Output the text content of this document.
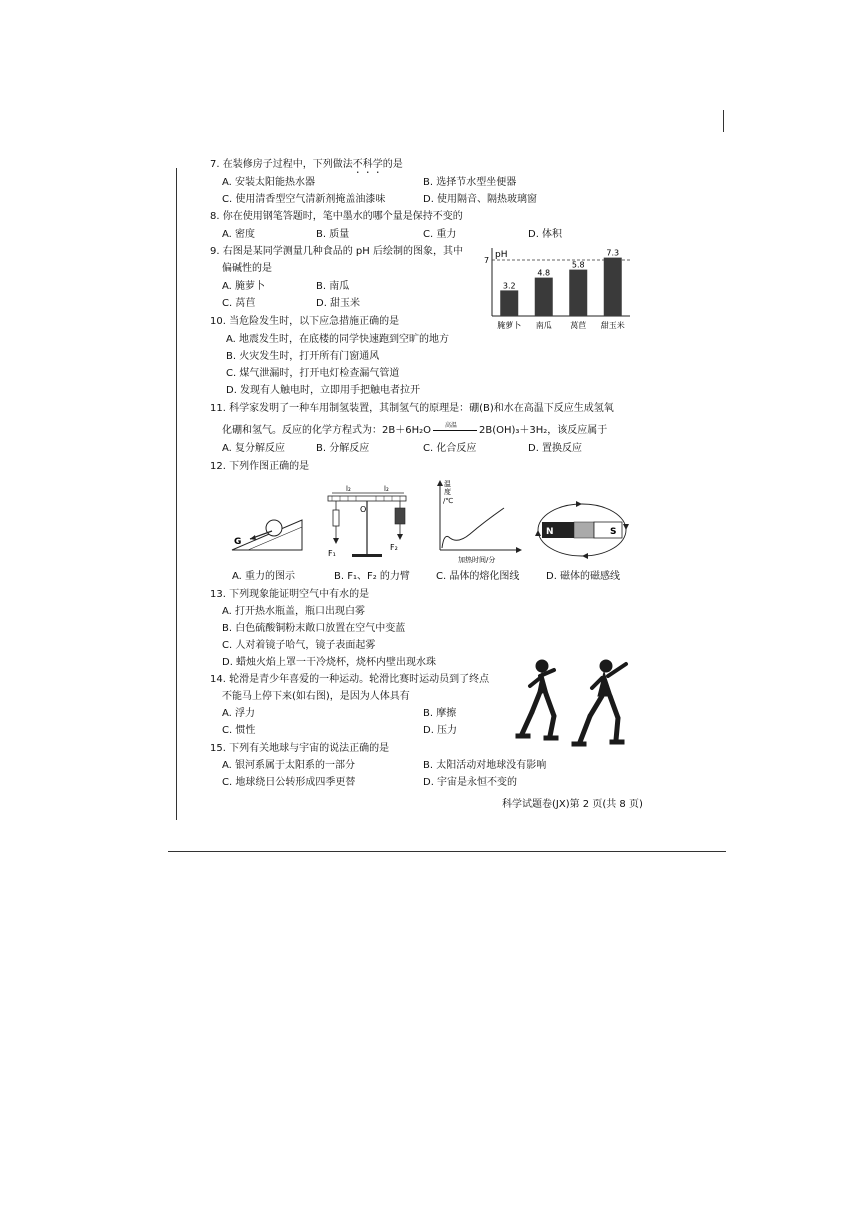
7. 在装修房子过程中，下列做法不科学的是
A. 安装太阳能热水器	B. 选择节水型坐便器
C. 使用清香型空气清新剂掩盖油漆味	D. 使用隔音、隔热玻璃窗
8. 你在使用钢笔答题时，笔中墨水的哪个量是保持不变的
A. 密度	B. 质量	C. 重力	D. 体积
9. 右图是某同学测量几种食品的 pH 后绘制的图象，其中
偏碱性的是
A. 腌萝卜	B. 南瓜
C. 莴苣	D. 甜玉米
pH
7
3.2
腌萝卜
4.8
南瓜
5.8
莴苣
7.3
甜玉米
10. 当危险发生时，以下应急措施正确的是
A. 地震发生时，在底楼的同学快速跑到空旷的地方
B. 火灾发生时，打开所有门窗通风
C. 煤气泄漏时，打开电灯检查漏气管道
D. 发现有人触电时，立即用手把触电者拉开
11. 科学家发明了一种车用制氢装置，其制氢气的原理是：硼(B)和水在高温下反应生成氢氧
化硼和氢气。反应的化学方程式为：2B＋6H₂O 高温 2B(OH)₃＋3H₂，该反应属于
A. 复分解反应	B. 分解反应	C. 化合反应	D. 置换反应
12. 下列作图正确的是
G
l₂	l₂
O
F₁
F₂
温
度
/℃
加热时间/分
N	S
A. 重力的图示	B. F₁、F₂ 的力臂	C. 晶体的熔化图线	D. 磁体的磁感线
13. 下列现象能证明空气中有水的是
A. 打开热水瓶盖，瓶口出现白雾
B. 白色硫酸铜粉末敞口放置在空气中变蓝
C. 人对着镜子哈气，镜子表面起雾
D. 蜡烛火焰上罩一干冷烧杯，烧杯内壁出现水珠
14. 轮滑是青少年喜爱的一种运动。轮滑比赛时运动员到了终点
不能马上停下来(如右图)，是因为人体具有
A. 浮力	B. 摩擦
C. 惯性	D. 压力
15. 下列有关地球与宇宙的说法正确的是
A. 银河系属于太阳系的一部分	B. 太阳活动对地球没有影响
C. 地球绕日公转形成四季更替	D. 宇宙是永恒不变的
科学试题卷(JX)第 2 页(共 8 页)
